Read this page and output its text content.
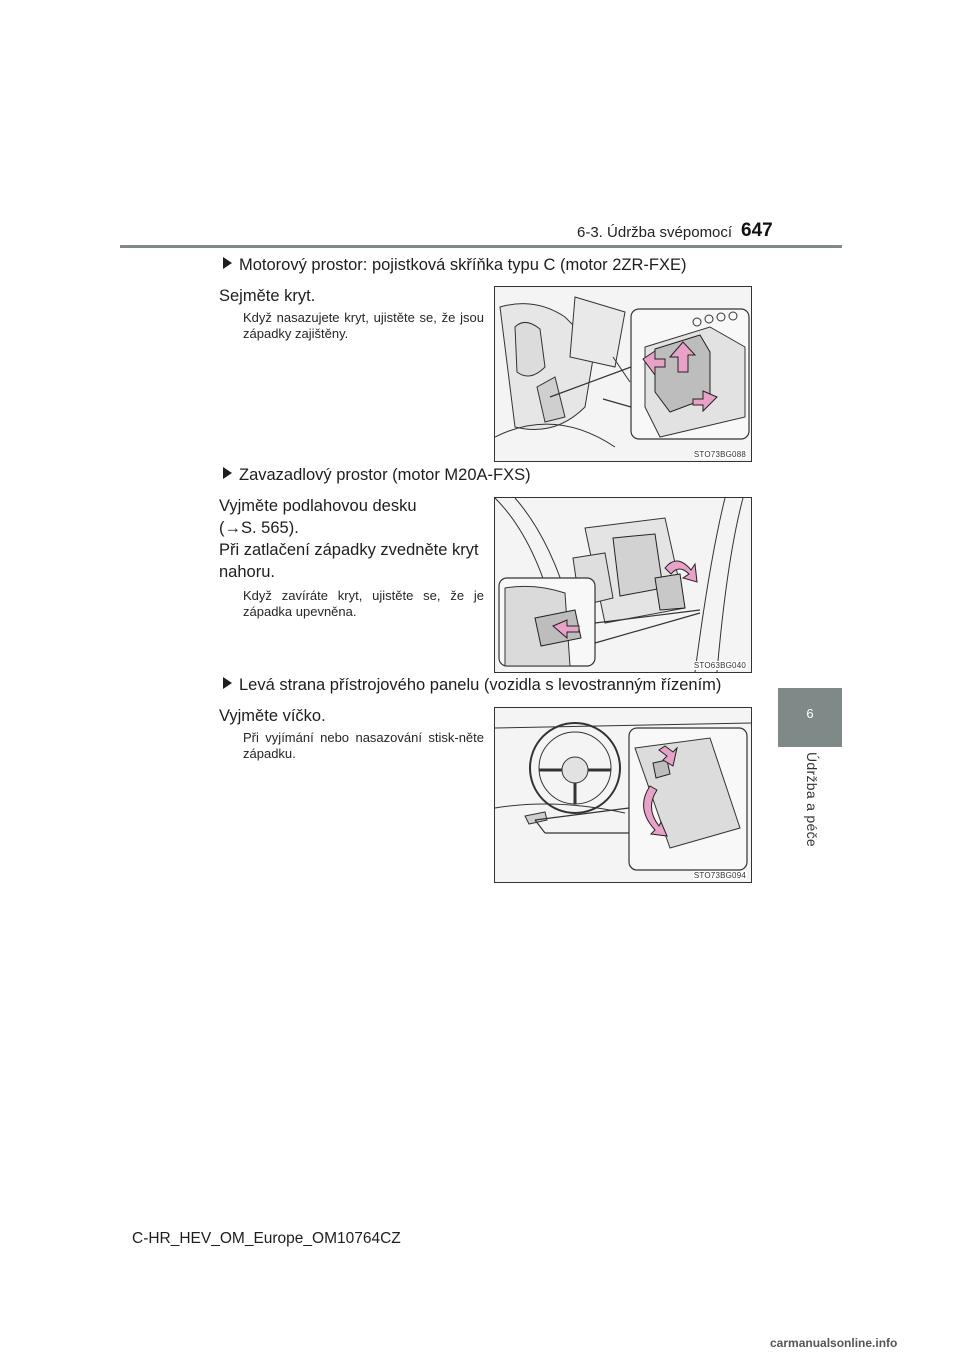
6-3. Údržba svépomocí 647
6
Údržba a péče
Motorový prostor: pojistková skříňka typu C (motor 2ZR-FXE)
Sejměte kryt.
Když nasazujete kryt, ujistěte se, že jsou západky zajištěny.
STO73BG088
Zavazadlový prostor (motor M20A-FXS)
Vyjměte podlahovou desku
(→S. 565).
Při zatlačení západky zvedněte kryt
nahoru.
Když zavíráte kryt, ujistěte se, že je západka upevněna.
STO63BG040
Levá strana přístrojového panelu (vozidla s levostranným řízením)
Vyjměte víčko.
Při vyjímání nebo nasazování stisk-něte západku.
STO73BG094
C-HR_HEV_OM_Europe_OM10764CZ
carmanualsonline.info
